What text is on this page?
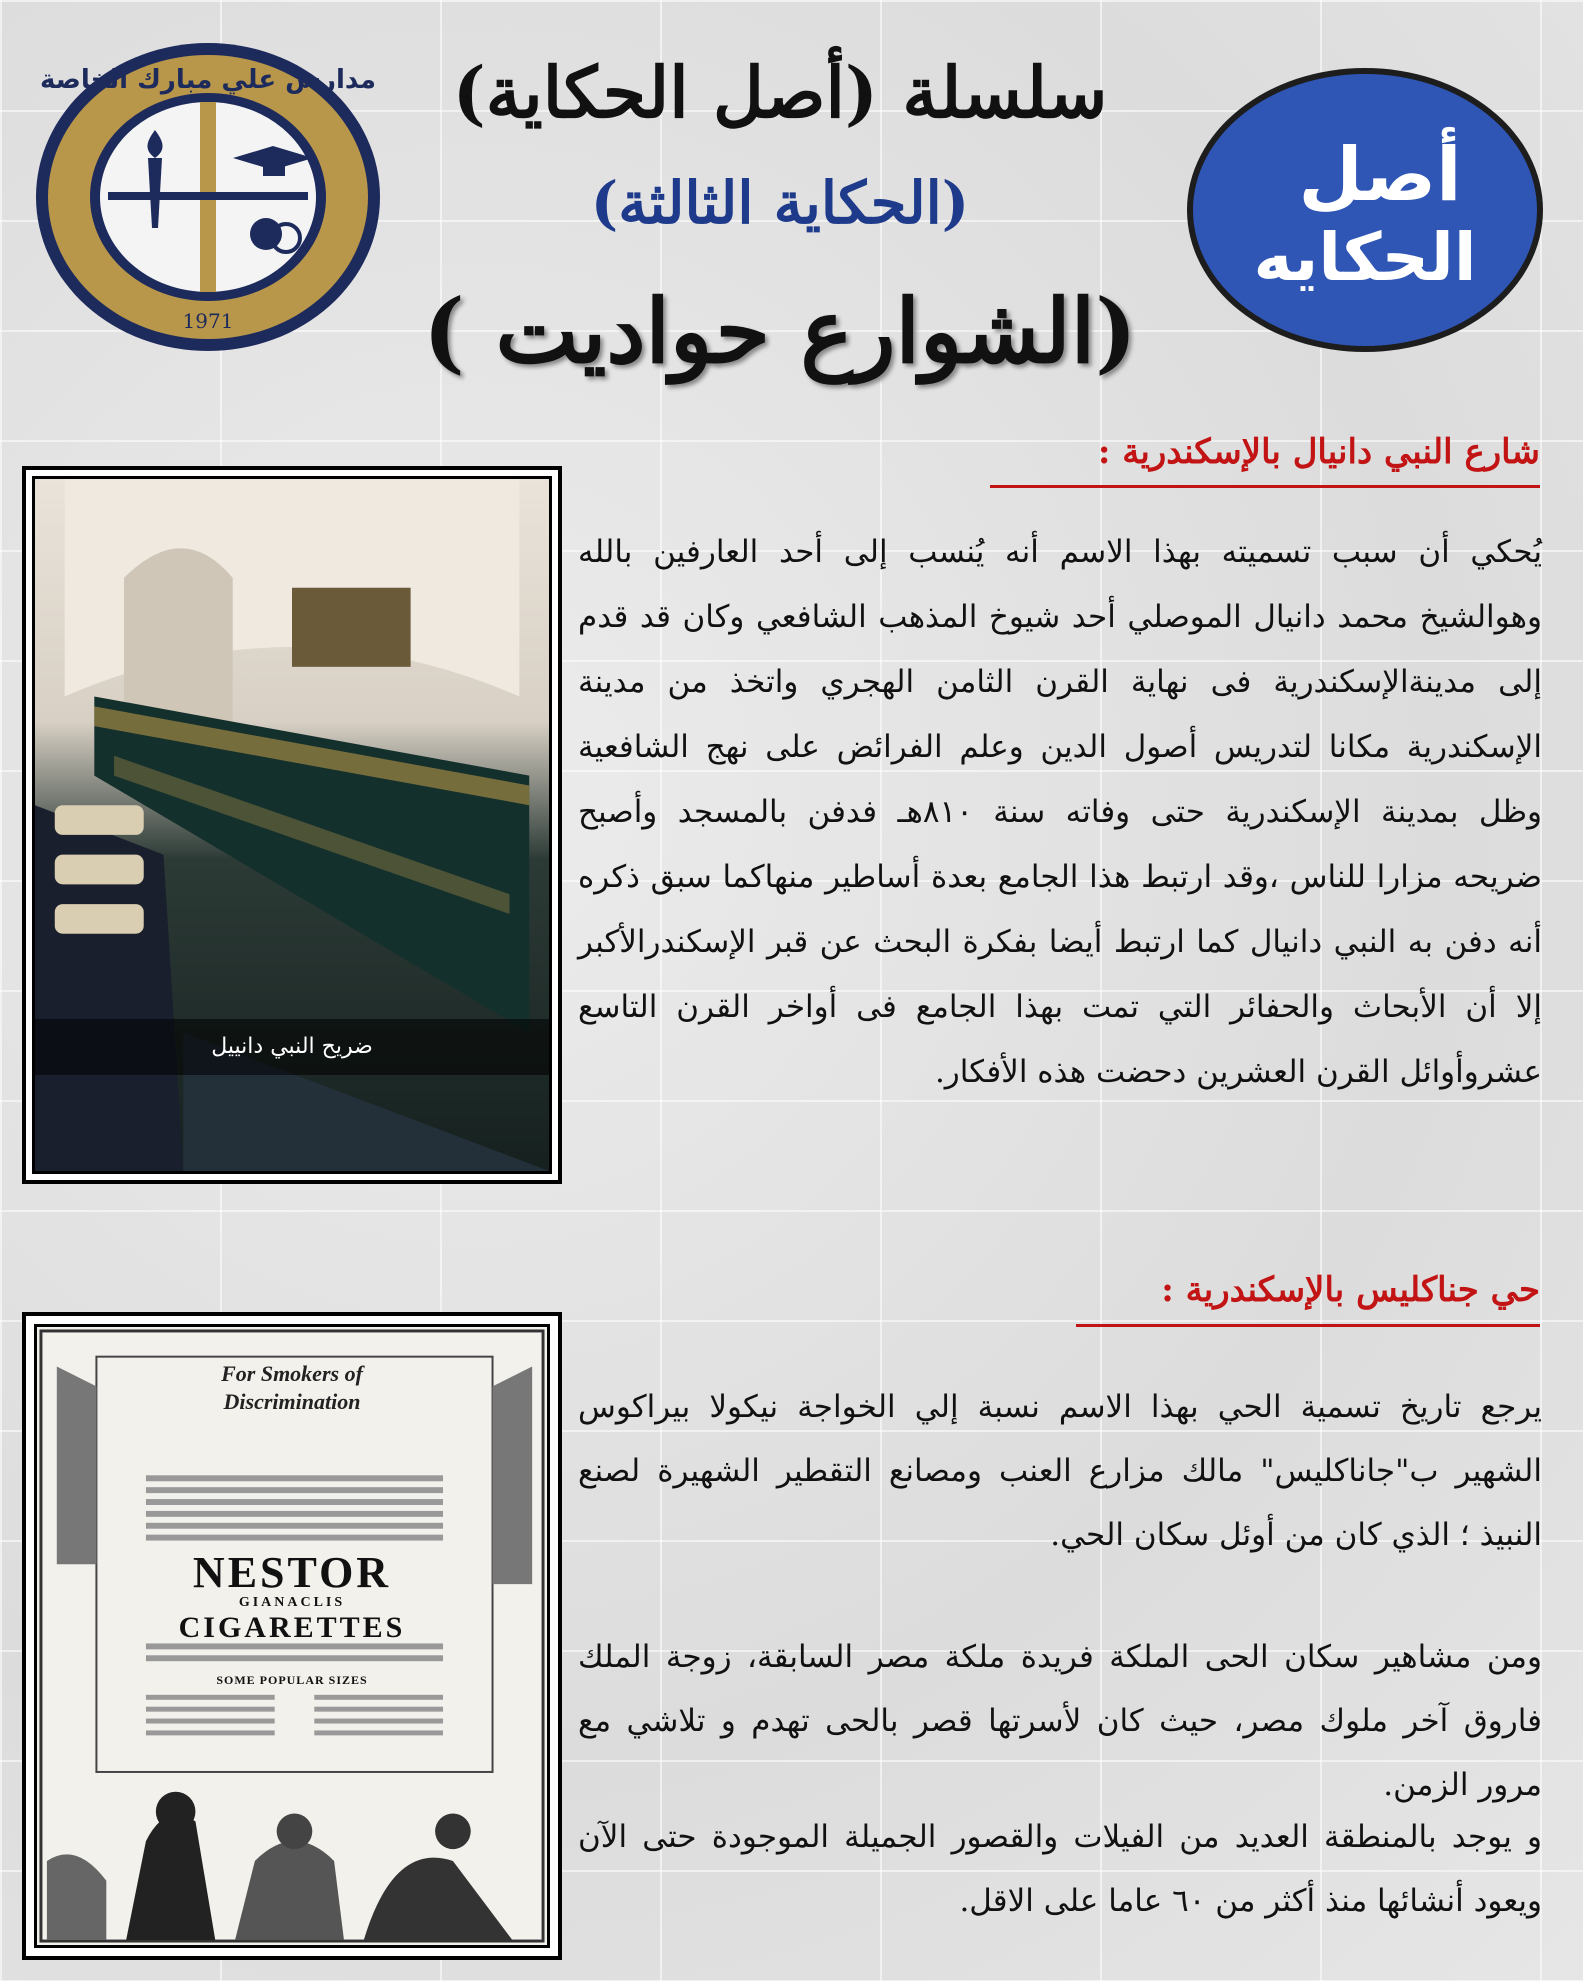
مدارس علي مبارك الخاصة
1971
سلسلة (أصل الحكاية)
(الحكاية الثالثة)
( الشوارع حواديت)
أصل
الحكايه
شارع النبي دانيال بالإسكندرية :
ضريح النبي دانييل
يُحكي أن سبب تسميته بهذا الاسم أنه يُنسب إلى أحد العارفين بالله وهوالشيخ محمد دانيال الموصلي أحد شيوخ المذهب الشافعي وكان قد قدم إلى مدينةالإسكندرية فى نهاية القرن الثامن الهجري واتخذ من مدينة الإسكندرية مكانا لتدريس أصول الدين وعلم الفرائض على نهج الشافعية وظل بمدينة الإسكندرية حتى وفاته سنة ٨١٠هـ فدفن بالمسجد وأصبح ضريحه مزارا للناس ،وقد ارتبط هذا الجامع بعدة أساطير منهاكما سبق ذكره أنه دفن به النبي دانيال كما ارتبط أيضا بفكرة البحث عن قبر الإسكندرالأكبر إلا أن الأبحاث والحفائر التي تمت بهذا الجامع فى أواخر القرن التاسع عشروأوائل القرن العشرين دحضت هذه الأفكار.
حي جناكليس بالإسكندرية :
For Smokers of
Discrimination
NESTOR
GIANACLIS
CIGARETTES
SOME POPULAR SIZES
يرجع تاريخ تسمية الحي بهذا الاسم نسبة إلي الخواجة نيكولا بيراكوس الشهير ب"جاناكليس" مالك مزارع العنب ومصانع التقطير الشهيرة لصنع النبيذ ؛ الذي كان من أوئل سكان الحي.
ومن مشاهير سكان الحى الملكة فريدة ملكة مصر السابقة، زوجة الملك فاروق آخر ملوك مصر، حيث كان لأسرتها قصر بالحى تهدم و تلاشي مع مرور الزمن.
و يوجد بالمنطقة العديد من الفيلات والقصور الجميلة الموجودة حتى الآن ويعود أنشائها منذ أكثر من ٦٠ عاما على الاقل.
